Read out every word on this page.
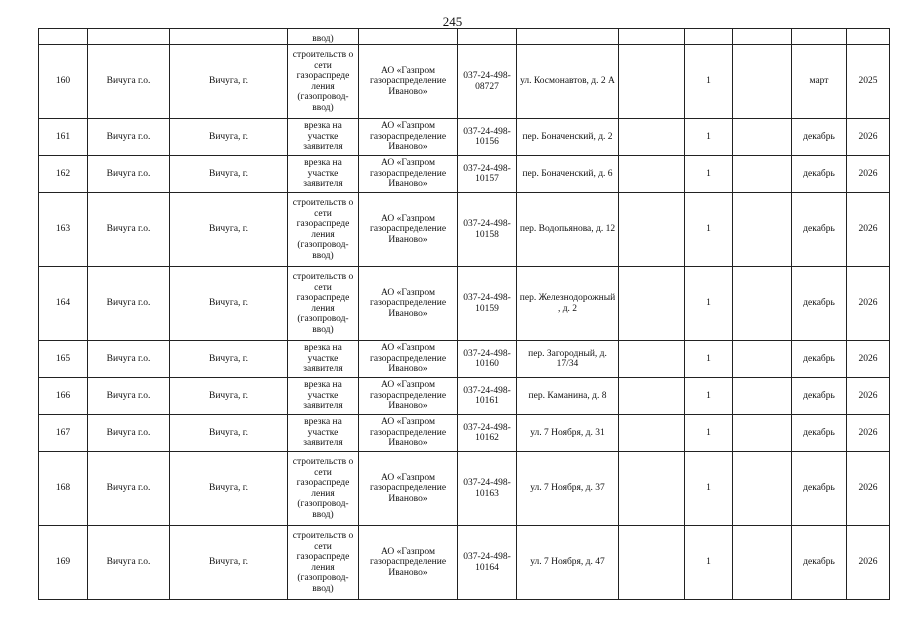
245
			ввод)								
160	Вичуга г.о.	Вичуга, г.	строительств о сети газораспреде ления (газопровод-ввод)	АО «Газпром газораспределение Иваново»	037-24-498-08727	ул. Космонавтов, д. 2 А		1		март	2025
161	Вичуга г.о.	Вичуга, г.	врезка на участке заявителя	АО «Газпром газораспределение Иваново»	037-24-498-10156	пер. Боначенский, д. 2		1		декабрь	2026
162	Вичуга г.о.	Вичуга, г.	врезка на участке заявителя	АО «Газпром газораспределение Иваново»	037-24-498-10157	пер. Боначенский, д. 6		1		декабрь	2026
163	Вичуга г.о.	Вичуга, г.	строительств о сети газораспреде ления (газопровод-ввод)	АО «Газпром газораспределение Иваново»	037-24-498-10158	пер. Водопьянова, д. 12		1		декабрь	2026
164	Вичуга г.о.	Вичуга, г.	строительств о сети газораспреде ления (газопровод-ввод)	АО «Газпром газораспределение Иваново»	037-24-498-10159	пер. Железнодорожный , д. 2		1		декабрь	2026
165	Вичуга г.о.	Вичуга, г.	врезка на участке заявителя	АО «Газпром газораспределение Иваново»	037-24-498-10160	пер. Загородный, д. 17/34		1		декабрь	2026
166	Вичуга г.о.	Вичуга, г.	врезка на участке заявителя	АО «Газпром газораспределение Иваново»	037-24-498-10161	пер. Каманина, д. 8		1		декабрь	2026
167	Вичуга г.о.	Вичуга, г.	врезка на участке заявителя	АО «Газпром газораспределение Иваново»	037-24-498-10162	ул. 7 Ноября, д. 31		1		декабрь	2026
168	Вичуга г.о.	Вичуга, г.	строительств о сети газораспреде ления (газопровод-ввод)	АО «Газпром газораспределение Иваново»	037-24-498-10163	ул. 7 Ноября, д. 37		1		декабрь	2026
169	Вичуга г.о.	Вичуга, г.	строительств о сети газораспреде ления (газопровод-ввод)	АО «Газпром газораспределение Иваново»	037-24-498-10164	ул. 7 Ноября, д. 47		1		декабрь	2026
